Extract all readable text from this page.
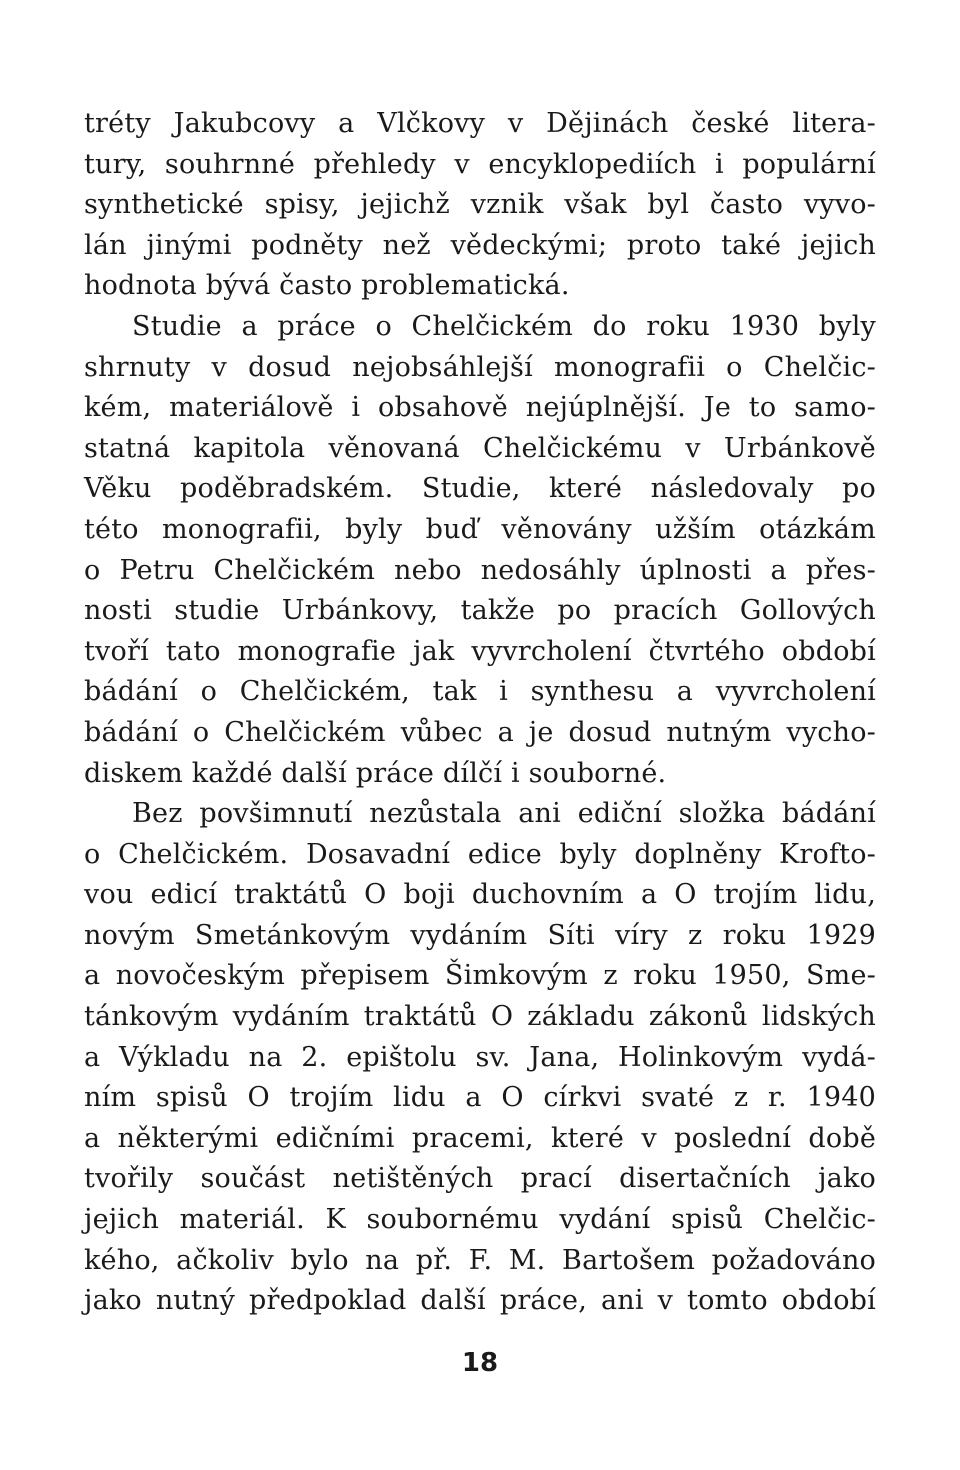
tréty Jakubcovy a Vlčkovy v Dějinách české litera-
tury, souhrnné přehledy v encyklopediích i populární
synthetické spisy, jejichž vznik však byl často vyvo-
lán jinými podněty než vědeckými; proto také jejich
hodnota bývá často problematická.
Studie a práce o Chelčickém do roku 1930 byly
shrnuty v dosud nejobsáhlejší monografii o Chelčic-
kém, materiálově i obsahově nejúplnější. Je to samo-
statná kapitola věnovaná Chelčickému v Urbánkově
Věku poděbradském. Studie, které následovaly po
této monografii, byly buď věnovány užším otázkám
o Petru Chelčickém nebo nedosáhly úplnosti a přes-
nosti studie Urbánkovy, takže po pracích Gollových
tvoří tato monografie jak vyvrcholení čtvrtého období
bádání o Chelčickém, tak i synthesu a vyvrcholení
bádání o Chelčickém vůbec a je dosud nutným vycho-
diskem každé další práce dílčí i souborné.
Bez povšimnutí nezůstala ani ediční složka bádání
o Chelčickém. Dosavadní edice byly doplněny Krofto-
vou edicí traktátů O boji duchovním a O trojím lidu,
novým Smetánkovým vydáním Síti víry z roku 1929
a novočeským přepisem Šimkovým z roku 1950, Sme-
tánkovým vydáním traktátů O základu zákonů lidských
a Výkladu na 2. epištolu sv. Jana, Holinkovým vydá-
ním spisů O trojím lidu a O církvi svaté z r. 1940
a některými edičními pracemi, které v poslední době
tvořily součást netištěných prací disertačních jako
jejich materiál. K soubornému vydání spisů Chelčic-
kého, ačkoliv bylo na př. F. M. Bartošem požadováno
jako nutný předpoklad další práce, ani v tomto období
18
